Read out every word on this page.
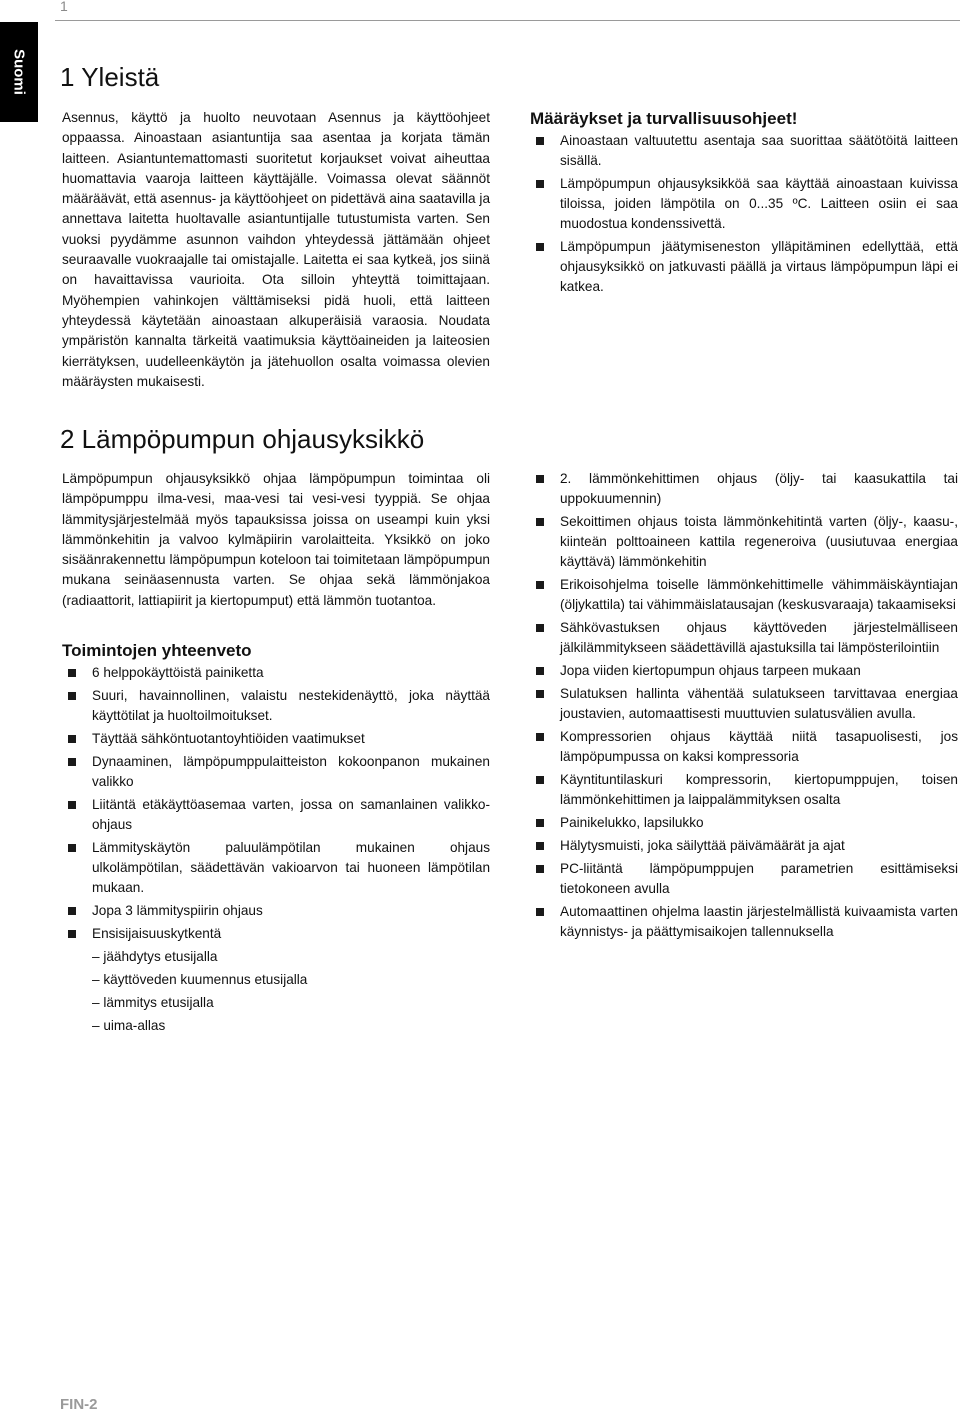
1
Suomi 1 Yleistä

Asennus, käyttö ja huolto neuvotaan Asennus ja käyttöohjeet oppaassa. Ainoastaan asiantuntija saa asentaa ja korjata tämän laitteen. Asiantuntemattomasti suoritetut korjaukset voivat aiheuttaa huomattavia vaaroja laitteen käyttäjälle. Voimassa olevat säännöt määräävät, että asennus- ja käyttöohjeet on pidettävä aina saatavilla ja annettava laitetta huoltavalle asiantuntijalle tutustumista varten. Sen vuoksi pyydämme asunnon vaihdon yhteydessä jättämään ohjeet seuraavalle vuokraajalle tai omistajalle. Laitetta ei saa kytkeä, jos siinä on havaittavissa vaurioita. Ota silloin yhteyttä toimittajaan. Myöhempien vahinkojen välttämiseksi pidä huoli, että laitteen yhteydessä käytetään ainoastaan alkuperäisiä varaosia. Noudata ympäristön kannalta tärkeitä vaatimuksia käyttöaineiden ja laiteosien kierrätyksen, uudelleenkäytön ja jätehuollon osalta voimassa olevien määräysten mukaisesti.

Määräykset ja turvallisuusohjeet!
Ainoastaan valtuutettu asentaja saa suorittaa säätötöitä laitteen sisällä.
Lämpöpumpun ohjausyksikköä saa käyttää ainoastaan kuivissa tiloissa, joiden lämpötila on 0...35 ºC. Laitteen osiin ei saa muodostua kondenssivettä.
Lämpöpumpun jäätymiseneston ylläpitäminen edellyttää, että ohjausyksikkö on jatkuvasti päällä ja virtaus lämpöpumpun läpi ei katkea.
2 Lämpöpumpun ohjausyksikkö

Lämpöpumpun ohjausyksikkö ohjaa lämpöpumpun toimintaa oli lämpöpumppu ilma-vesi, maa-vesi tai vesi-vesi tyyppiä. Se ohjaa lämmitysjärjestelmää myös tapauksissa joissa on useampi kuin yksi lämmönkehitin ja valvoo kylmäpiirin varolaitteita. Yksikkö on joko sisäänrakennettu lämpöpumpun koteloon tai toimitetaan lämpöpumpun mukana seinäasennusta varten. Se ohjaa sekä lämmönjakoa (radiaattorit, lattiapiirit ja kiertopumput) että lämmön tuotantoa.

Toimintojen yhteenveto
6 helppokäyttöistä painiketta
Suuri, havainnollinen, valaistu nestekidenäyttö, joka näyttää käyttötilat ja huoltoilmoitukset.
Täyttää sähköntuotantoyhtiöiden vaatimukset
Dynaaminen, lämpöpumppulaitteiston kokoonpanon mukainen valikko
Liitäntä etäkäyttöasemaa varten, jossa on samanlainen valikko-ohjaus
Lämmityskäytön paluulämpötilan mukainen ohjaus ulkolämpötilan, säädettävän vakioarvon tai huoneen lämpötilan mukaan.
Jopa 3 lämmityspiirin ohjaus
Ensisijaisuuskytkentä
– jäähdytys etusijalla
– käyttöveden kuumennus etusijalla
– lämmitys etusijalla
– uima-allas
2. lämmönkehittimen ohjaus (öljy- tai kaasukattila tai uppokuumennin)
Sekoittimen ohjaus toista lämmönkehitintä varten (öljy-, kaasu-, kiinteän polttoaineen kattila regeneroiva (uusiutuvaa energiaa käyttävä) lämmönkehitin
Erikoisohjelma toiselle lämmönkehittimelle vähimmäiskäyntiajan (öljykattila) tai vähimmäislatausajan (keskusvaraaja) takaamiseksi
Sähkövastuksen ohjaus käyttöveden järjestelmälliseen jälkilämmitykseen säädettävillä ajastuksilla tai lämpösterilointiin
Jopa viiden kiertopumpun ohjaus tarpeen mukaan
Sulatuksen hallinta vähentää sulatukseen tarvittavaa energiaa joustavien, automaattisesti muuttuvien sulatusvälien avulla.
Kompressorien ohjaus käyttää niitä tasapuolisesti, jos lämpöpumpussa on kaksi kompressoria
Käyntituntilaskuri kompressorin, kiertopumppujen, toisen lämmönkehittimen ja laippalämmityksen osalta
Painikelukko, lapsilukko
Hälytysmuisti, joka säilyttää päivämäärät ja ajat
PC-liitäntä lämpöpumppujen parametrien esittämiseksi tietokoneen avulla
Automaattinen ohjelma laastin järjestelmällistä kuivaamista varten käynnistys- ja päättymisaikojen tallennuksella
FIN-2
